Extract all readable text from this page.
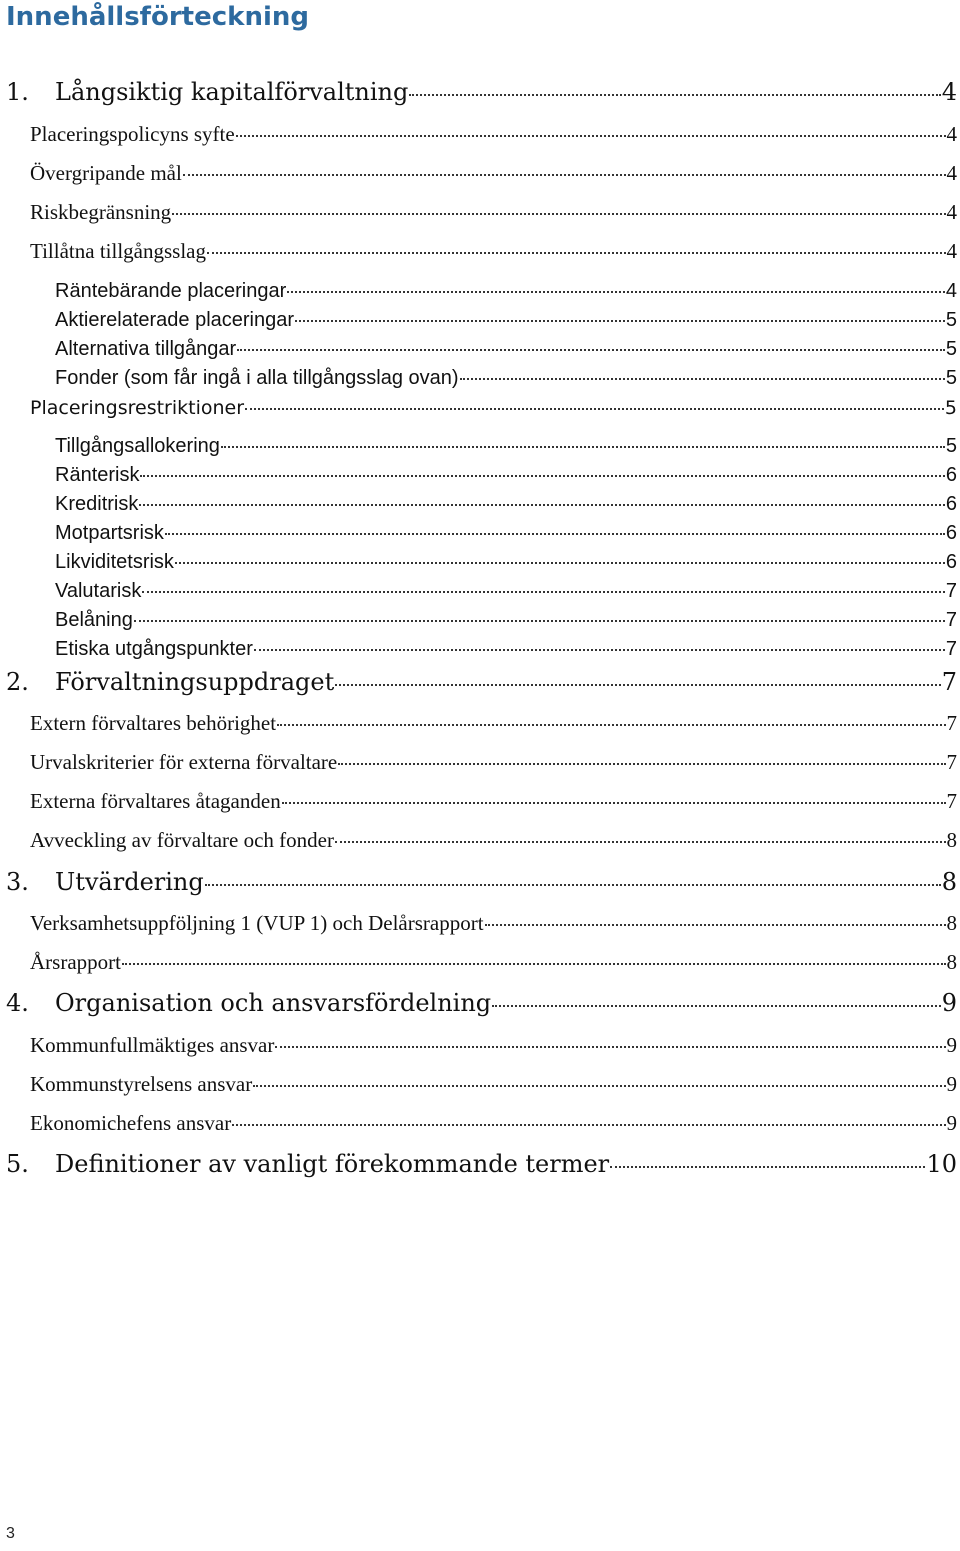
Innehållsförteckning
1.	Långsiktig kapitalförvaltning	4
Placeringspolicyns syfte	4
Övergripande mål	4
Riskbegränsning	4
Tillåtna tillgångsslag	4
Räntebärande placeringar	4
Aktierelaterade placeringar	5
Alternativa tillgångar	5
Fonder (som får ingå i alla tillgångsslag ovan)	5
Placeringsrestriktioner	5
Tillgångsallokering	5
Ränterisk	6
Kreditrisk	6
Motpartsrisk	6
Likviditetsrisk	6
Valutarisk	7
Belåning	7
Etiska utgångspunkter	7
2.	Förvaltningsuppdraget	7
Extern förvaltares behörighet	7
Urvalskriterier för externa förvaltare	7
Externa förvaltares åtaganden	7
Avveckling av förvaltare och fonder	8
3.	Utvärdering	8
Verksamhetsuppföljning 1 (VUP 1) och Delårsrapport	8
Årsrapport	8
4.	Organisation och ansvarsfördelning	9
Kommunfullmäktiges ansvar	9
Kommunstyrelsens ansvar	9
Ekonomichefens ansvar	9
5.	Definitioner av vanligt förekommande termer	10
3
